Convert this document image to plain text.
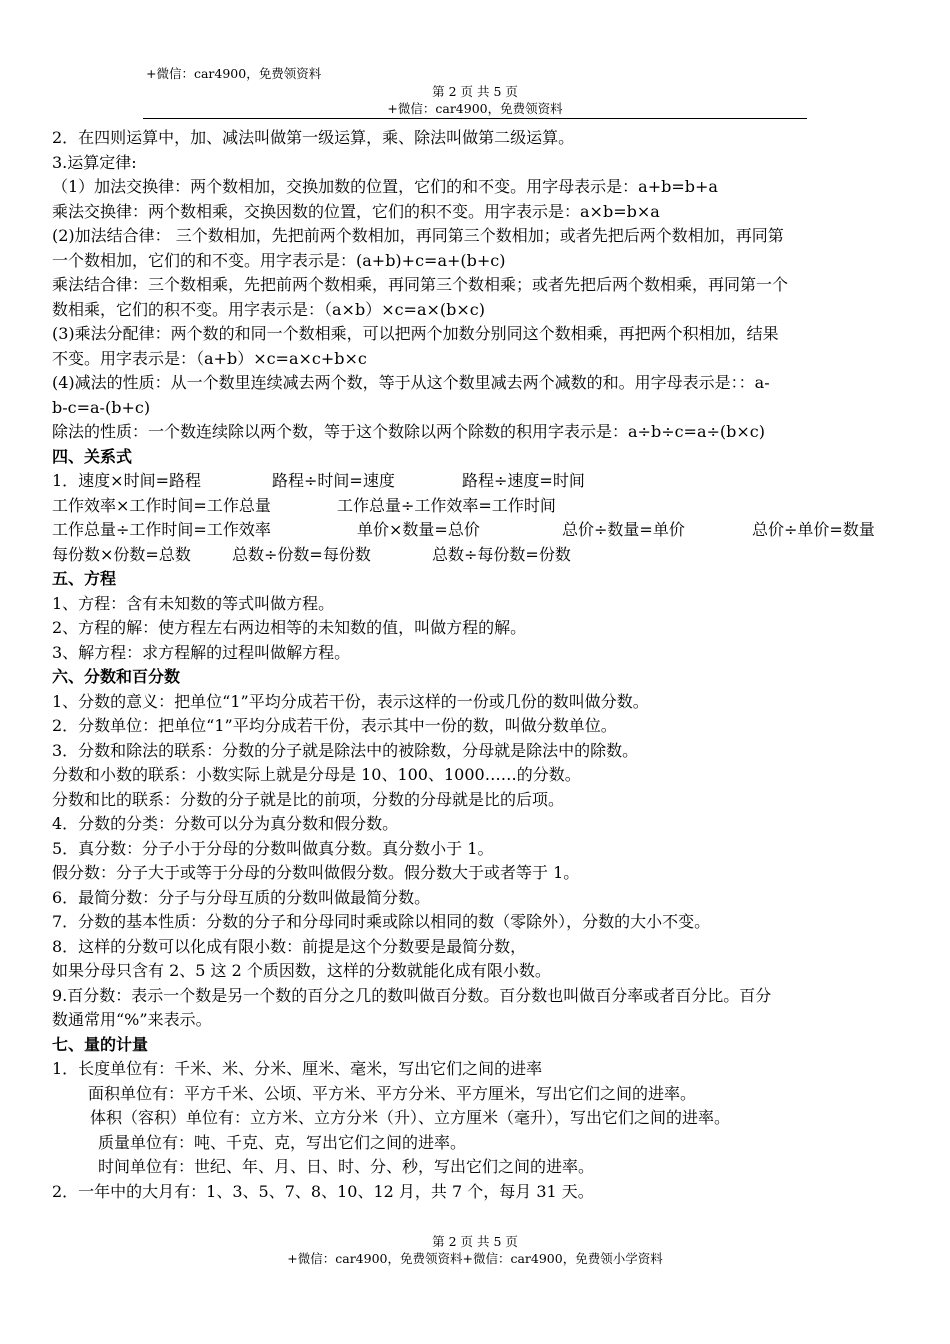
+微信：car4900，免费领资料
第 2 页 共 5 页
+微信：car4900，免费领资料
2．在四则运算中，加、减法叫做第一级运算，乘、除法叫做第二级运算。
3.运算定律:
（1）加法交换律：两个数相加，交换加数的位置，它们的和不变。用字母表示是：a+b=b+a
乘法交换律：两个数相乘，交换因数的位置，它们的积不变。用字表示是：a×b=b×a
(2)加法结合律： 三个数相加，先把前两个数相加，再同第三个数相加；或者先把后两个数相加，再同第
一个数相加，它们的和不变。用字表示是：(a+b)+c=a+(b+c)
乘法结合律：三个数相乘，先把前两个数相乘，再同第三个数相乘；或者先把后两个数相乘，再同第一个
数相乘，它们的积不变。用字表示是：（a×b）×c=a×(b×c)
(3)乘法分配律：两个数的和同一个数相乘，可以把两个加数分别同这个数相乘，再把两个积相加，结果
不变。用字表示是：（a+b）×c=a×c+b×c
(4)减法的性质：从一个数里连续减去两个数，等于从这个数里减去两个减数的和。用字母表示是：：a-
b-c=a-(b+c)
除法的性质：一个数连续除以两个数，等于这个数除以两个除数的积用字表示是：a÷b÷c=a÷(b×c)
四、关系式
1．速度×时间=路程	路程÷时间=速度	路程÷速度=时间
工作效率×工作时间=工作总量	工作总量÷工作效率=工作时间
工作总量÷工作时间=工作效率	单价×数量=总价	总价÷数量=单价	总价÷单价=数量
每份数×份数=总数	总数÷份数=每份数	总数÷每份数=份数
五、方程
1、方程：含有未知数的等式叫做方程。
2、方程的解：使方程左右两边相等的未知数的值，叫做方程的解。
3、解方程：求方程解的过程叫做解方程。
六、分数和百分数
1、分数的意义：把单位“1”平均分成若干份，表示这样的一份或几份的数叫做分数。
2．分数单位：把单位“1”平均分成若干份，表示其中一份的数，叫做分数单位。
3．分数和除法的联系：分数的分子就是除法中的被除数，分母就是除法中的除数。
分数和小数的联系：小数实际上就是分母是 10、100、1000……的分数。
分数和比的联系：分数的分子就是比的前项，分数的分母就是比的后项。
4．分数的分类：分数可以分为真分数和假分数。
5．真分数：分子小于分母的分数叫做真分数。真分数小于 1。
假分数：分子大于或等于分母的分数叫做假分数。假分数大于或者等于 1。
6．最简分数：分子与分母互质的分数叫做最简分数。
7．分数的基本性质：分数的分子和分母同时乘或除以相同的数（零除外），分数的大小不变。
8．这样的分数可以化成有限小数：前提是这个分数要是最简分数，
如果分母只含有 2、5 这 2 个质因数，这样的分数就能化成有限小数。
9.百分数：表示一个数是另一个数的百分之几的数叫做百分数。百分数也叫做百分率或者百分比。百分
数通常用“%”来表示。
七、量的计量
1．长度单位有：千米、米、分米、厘米、毫米，写出它们之间的进率
面积单位有：平方千米、公顷、平方米、平方分米、平方厘米，写出它们之间的进率。
体积（容积）单位有：立方米、立方分米（升）、立方厘米（毫升），写出它们之间的进率。
质量单位有：吨、千克、克，写出它们之间的进率。
时间单位有：世纪、年、月、日、时、分、秒，写出它们之间的进率。
2．一年中的大月有：1、3、5、7、8、10、12 月，共 7 个，每月 31 天。
第 2 页 共 5 页
+微信：car4900，免费领资料+微信：car4900，免费领小学资料
